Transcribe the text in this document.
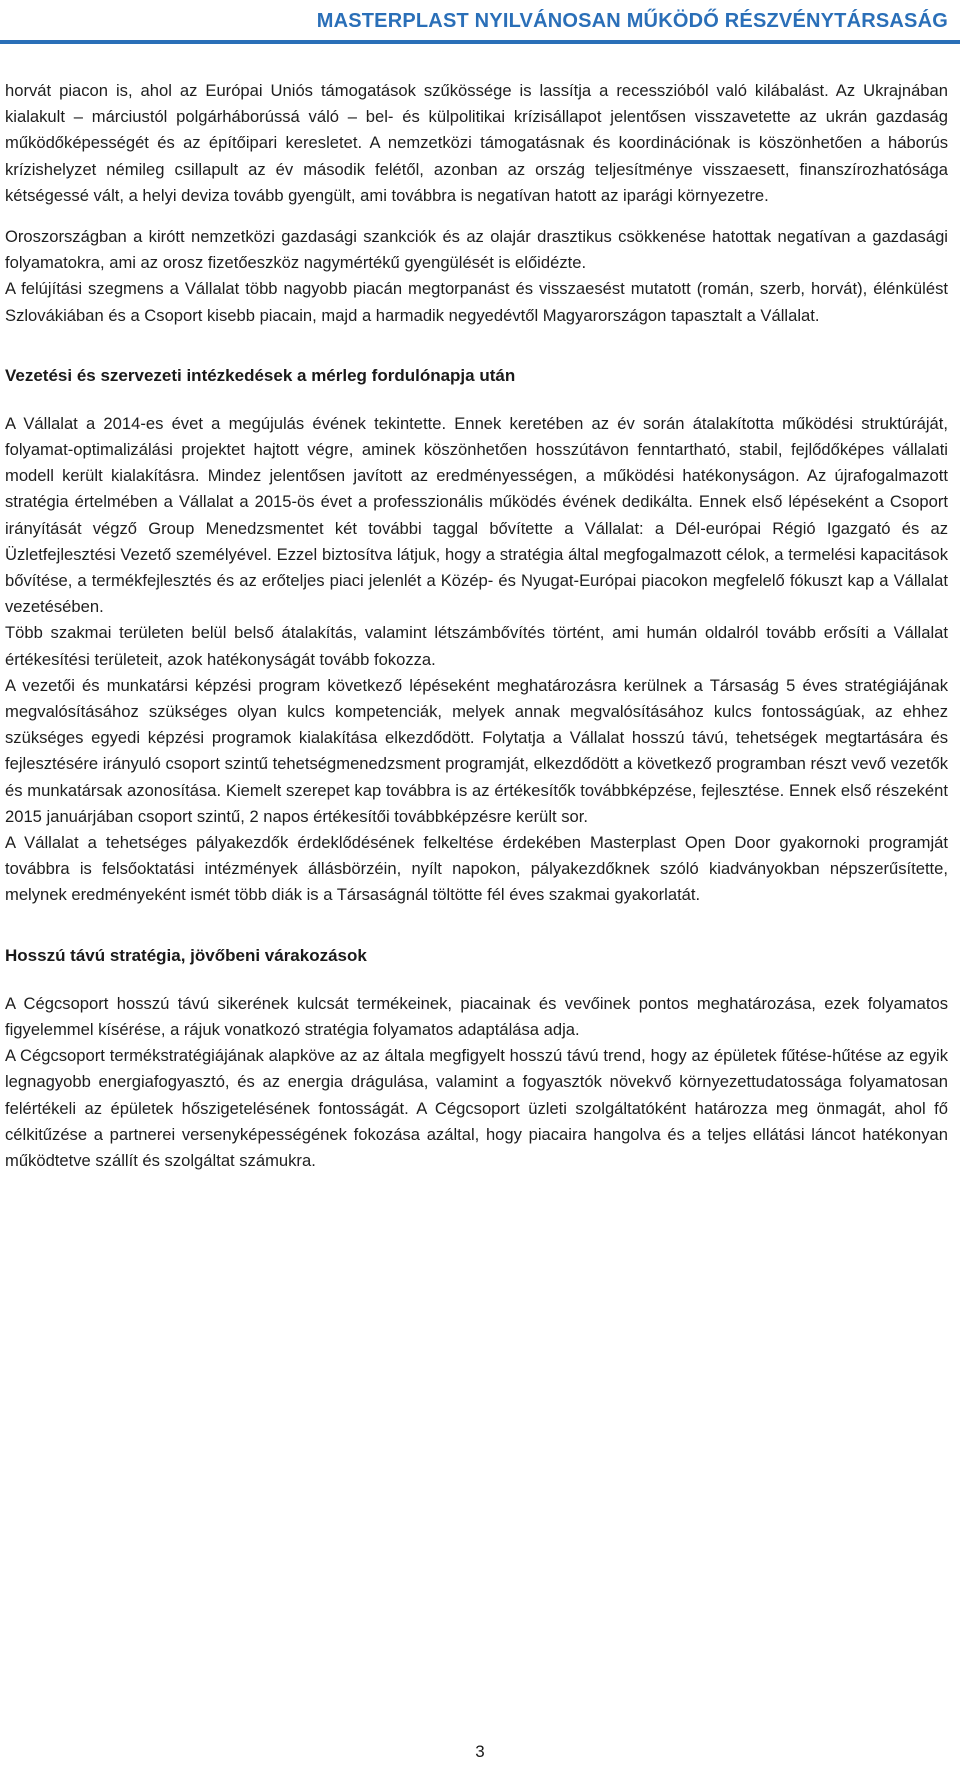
MASTERPLAST NYILVÁNOSAN MŰKÖDŐ RÉSZVÉNYTÁRSASÁG

horvát piacon is, ahol az Európai Uniós támogatások szűkössége is lassítja a recesszióból való kilábalást. Az Ukrajnában kialakult – márciustól polgárháborússá váló – bel- és külpolitikai krízisállapot jelentősen visszavetette az ukrán gazdaság működőképességét és az építőipari keresletet. A nemzetközi támogatásnak és koordinációnak is köszönhetően a háborús krízishelyzet némileg csillapult az év második felétől, azonban az ország teljesítménye visszaesett, finanszírozhatósága kétségessé vált, a helyi deviza tovább gyengült, ami továbbra is negatívan hatott az iparági környezetre.

Oroszországban a kirótt nemzetközi gazdasági szankciók és az olajár drasztikus csökkenése hatottak negatívan a gazdasági folyamatokra, ami az orosz fizetőeszköz nagymértékű gyengülését is előidézte.

A felújítási szegmens a Vállalat több nagyobb piacán megtorpanást és visszaesést mutatott (román, szerb, horvát), élénkülést Szlovákiában és a Csoport kisebb piacain, majd a harmadik negyedévtől Magyarországon tapasztalt a Vállalat.

Vezetési és szervezeti intézkedések a mérleg fordulónapja után

A Vállalat a 2014-es évet a megújulás évének tekintette. Ennek keretében az év során átalakította működési struktúráját, folyamat-optimalizálási projektet hajtott végre, aminek köszönhetően hosszútávon fenntartható, stabil, fejlődőképes vállalati modell került kialakításra. Mindez jelentősen javított az eredményességen, a működési hatékonyságon. Az újrafogalmazott stratégia értelmében a Vállalat a 2015-ös évet a professzionális működés évének dedikálta. Ennek első lépéseként a Csoport irányítását végző Group Menedzsmentet két további taggal bővítette a Vállalat: a Dél-európai Régió Igazgató és az Üzletfejlesztési Vezető személyével. Ezzel biztosítva látjuk, hogy a stratégia által megfogalmazott célok, a termelési kapacitások bővítése, a termékfejlesztés és az erőteljes piaci jelenlét a Közép- és Nyugat-Európai piacokon megfelelő fókuszt kap a Vállalat vezetésében.

Több szakmai területen belül belső átalakítás, valamint létszámbővítés történt, ami humán oldalról tovább erősíti a Vállalat értékesítési területeit, azok hatékonyságát tovább fokozza.

A vezetői és munkatársi képzési program következő lépéseként meghatározásra kerülnek a Társaság 5 éves stratégiájának megvalósításához szükséges olyan kulcs kompetenciák, melyek annak megvalósításához kulcs fontosságúak, az ehhez szükséges egyedi képzési programok kialakítása elkezdődött. Folytatja a Vállalat hosszú távú, tehetségek megtartására és fejlesztésére irányuló csoport szintű tehetségmenedzsment programját, elkezdődött a következő programban részt vevő vezetők és munkatársak azonosítása. Kiemelt szerepet kap továbbra is az értékesítők továbbképzése, fejlesztése. Ennek első részeként 2015 januárjában csoport szintű, 2 napos értékesítői továbbképzésre került sor.

A Vállalat a tehetséges pályakezdők érdeklődésének felkeltése érdekében Masterplast Open Door gyakornoki programját továbbra is felsőoktatási intézmények állásbörzéin, nyílt napokon, pályakezdőknek szóló kiadványokban népszerűsítette, melynek eredményeként ismét több diák is a Társaságnál töltötte fél éves szakmai gyakorlatát.

Hosszú távú stratégia, jövőbeni várakozások

A Cégcsoport hosszú távú sikerének kulcsát termékeinek, piacainak és vevőinek pontos meghatározása, ezek folyamatos figyelemmel kísérése, a rájuk vonatkozó stratégia folyamatos adaptálása adja.

A Cégcsoport termékstratégiájának alapköve az az általa megfigyelt hosszú távú trend, hogy az épületek fűtése-hűtése az egyik legnagyobb energiafogyasztó, és az energia drágulása, valamint a fogyasztók növekvő környezettudatossága folyamatosan felértékeli az épületek hőszigetelésének fontosságát. A Cégcsoport üzleti szolgáltatóként határozza meg önmagát, ahol fő célkitűzése a partnerei versenyképességének fokozása azáltal, hogy piacaira hangolva és a teljes ellátási láncot hatékonyan működtetve szállít és szolgáltat számukra.

3
